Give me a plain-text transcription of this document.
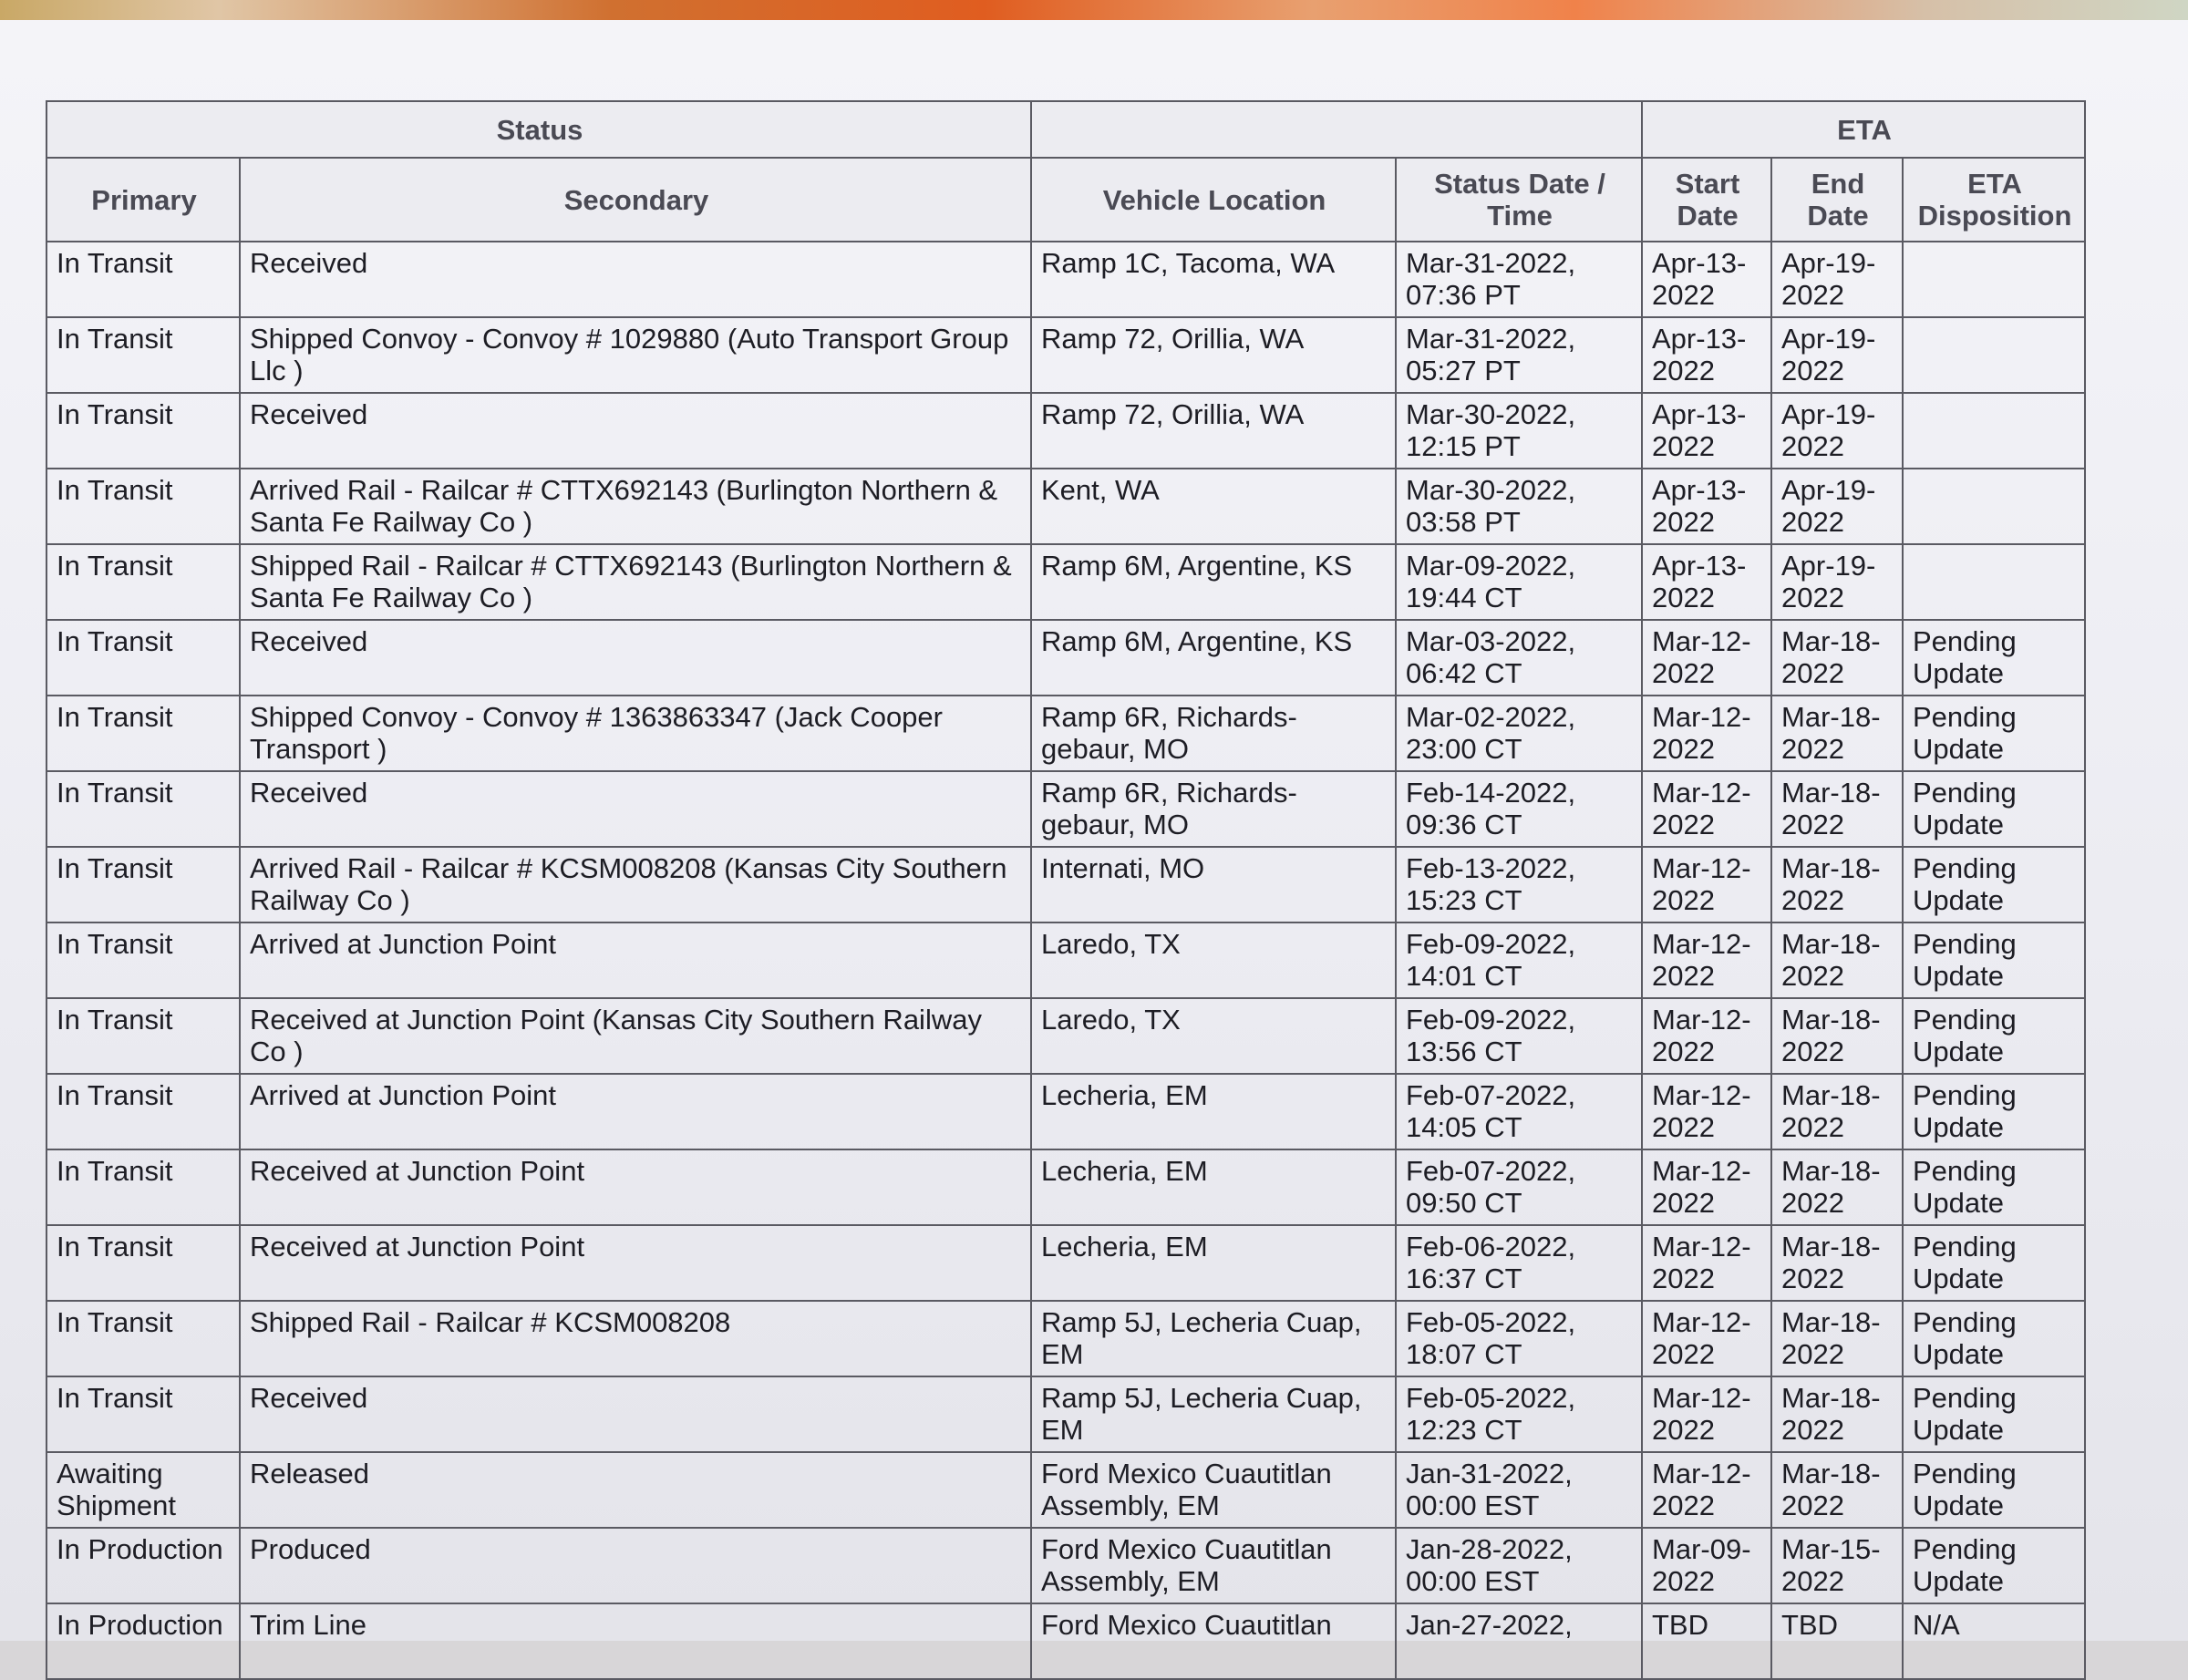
Status				ETA		
Primary	Secondary	Vehicle Location	Status Date / Time	Start Date	End Date	ETA Disposition
In Transit	Received	Ramp 1C, Tacoma, WA	Mar-31-2022, 07:36 PT	Apr-13-2022	Apr-19-2022	
In Transit	Shipped Convoy - Convoy # 1029880 (Auto Transport Group Llc )	Ramp 72, Orillia, WA	Mar-31-2022, 05:27 PT	Apr-13-2022	Apr-19-2022	
In Transit	Received	Ramp 72, Orillia, WA	Mar-30-2022, 12:15 PT	Apr-13-2022	Apr-19-2022	
In Transit	Arrived Rail - Railcar # CTTX692143 (Burlington Northern & Santa Fe Railway Co )	Kent, WA	Mar-30-2022, 03:58 PT	Apr-13-2022	Apr-19-2022	
In Transit	Shipped Rail - Railcar # CTTX692143 (Burlington Northern & Santa Fe Railway Co )	Ramp 6M, Argentine, KS	Mar-09-2022, 19:44 CT	Apr-13-2022	Apr-19-2022	
In Transit	Received	Ramp 6M, Argentine, KS	Mar-03-2022, 06:42 CT	Mar-12-2022	Mar-18-2022	Pending Update
In Transit	Shipped Convoy - Convoy # 1363863347 (Jack Cooper Transport )	Ramp 6R, Richards-gebaur, MO	Mar-02-2022, 23:00 CT	Mar-12-2022	Mar-18-2022	Pending Update
In Transit	Received	Ramp 6R, Richards-gebaur, MO	Feb-14-2022, 09:36 CT	Mar-12-2022	Mar-18-2022	Pending Update
In Transit	Arrived Rail - Railcar # KCSM008208 (Kansas City Southern Railway Co )	Internati, MO	Feb-13-2022, 15:23 CT	Mar-12-2022	Mar-18-2022	Pending Update
In Transit	Arrived at Junction Point	Laredo, TX	Feb-09-2022, 14:01 CT	Mar-12-2022	Mar-18-2022	Pending Update
In Transit	Received at Junction Point (Kansas City Southern Railway Co )	Laredo, TX	Feb-09-2022, 13:56 CT	Mar-12-2022	Mar-18-2022	Pending Update
In Transit	Arrived at Junction Point	Lecheria, EM	Feb-07-2022, 14:05 CT	Mar-12-2022	Mar-18-2022	Pending Update
In Transit	Received at Junction Point	Lecheria, EM	Feb-07-2022, 09:50 CT	Mar-12-2022	Mar-18-2022	Pending Update
In Transit	Received at Junction Point	Lecheria, EM	Feb-06-2022, 16:37 CT	Mar-12-2022	Mar-18-2022	Pending Update
In Transit	Shipped Rail - Railcar # KCSM008208	Ramp 5J, Lecheria Cuap, EM	Feb-05-2022, 18:07 CT	Mar-12-2022	Mar-18-2022	Pending Update
In Transit	Received	Ramp 5J, Lecheria Cuap, EM	Feb-05-2022, 12:23 CT	Mar-12-2022	Mar-18-2022	Pending Update
Awaiting Shipment	Released	Ford Mexico Cuautitlan Assembly, EM	Jan-31-2022, 00:00 EST	Mar-12-2022	Mar-18-2022	Pending Update
In Production	Produced	Ford Mexico Cuautitlan Assembly, EM	Jan-28-2022, 00:00 EST	Mar-09-2022	Mar-15-2022	Pending Update
In Production	Trim Line	Ford Mexico Cuautitlan	Jan-27-2022,	TBD	TBD	N/A
